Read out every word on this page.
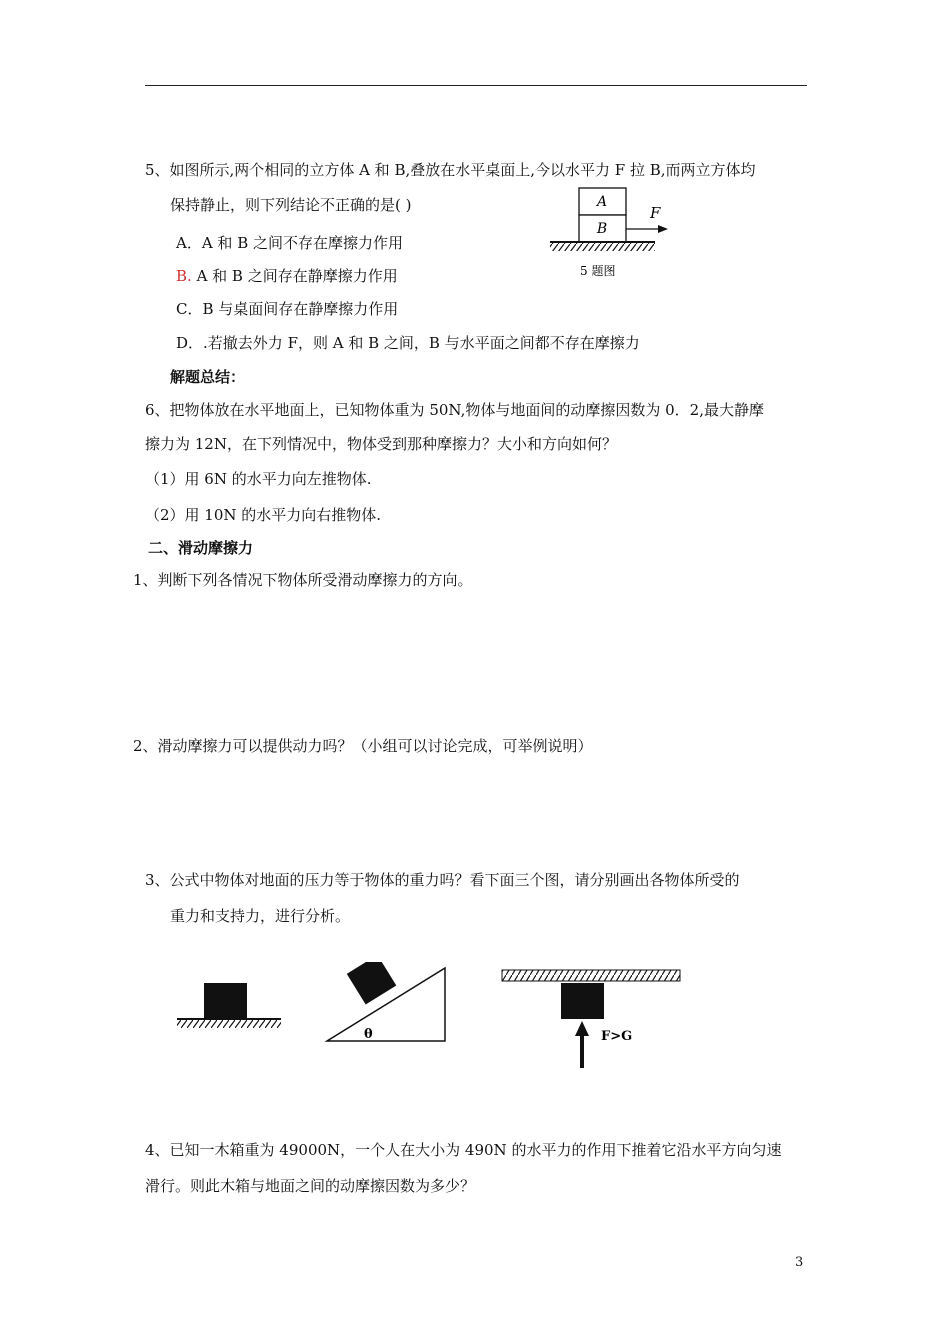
5、如图所示,两个相同的立方体 A 和 B,叠放在水平桌面上,今以水平力 F 拉 B,而两立方体均
保持静止，则下列结论不正确的是( )
A．A 和 B 之间不存在摩擦力作用
B. A 和 B 之间存在静摩擦力作用
C．B 与桌面间存在静摩擦力作用
D．.若撤去外力 F，则 A 和 B 之间，B 与水平面之间都不存在摩擦力
A
B
F
5 题图
解题总结：
6、把物体放在水平地面上，已知物体重为 50N,物体与地面间的动摩擦因数为 0．2,最大静摩
擦力为 12N，在下列情况中，物体受到那种摩擦力？大小和方向如何？
（1）用 6N 的水平力向左推物体.
（2）用 10N 的水平力向右推物体.
二、滑动摩擦力
1、判断下列各情况下物体所受滑动摩擦力的方向。
2、滑动摩擦力可以提供动力吗？（小组可以讨论完成，可举例说明）
3、公式中物体对地面的压力等于物体的重力吗？看下面三个图，请分别画出各物体所受的
重力和支持力，进行分析。
θ	F>G
4、已知一木箱重为 49000N，一个人在大小为 490N 的水平力的作用下推着它沿水平方向匀速
滑行。则此木箱与地面之间的动摩擦因数为多少？
3
